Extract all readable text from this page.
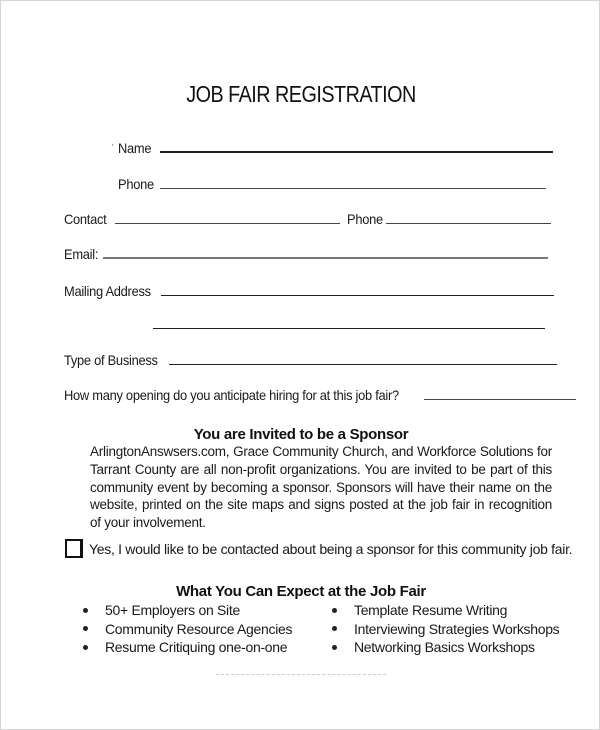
JOB FAIR REGISTRATION
' Name
Phone
Contact	Phone
Email:
Mailing Address
Type of Business
How many opening do you anticipate hiring for at this job fair?
You are Invited to be a Sponsor
ArlingtonAnswsers.com, Grace Community Church, and Workforce Solutions for Tarrant County are all non-profit organizations. You are invited to be part of this community event by becoming a sponsor. Sponsors will have their name on the website, printed on the site maps and signs posted at the job fair in recognition of your involvement.
Yes, I would like to be contacted about being a sponsor for this community job fair.
What You Can Expect at the Job Fair
50+ Employers on Site
Community Resource Agencies
Resume Critiquing one-on-one
Template Resume Writing
Interviewing Strategies Workshops
Networking Basics Workshops
